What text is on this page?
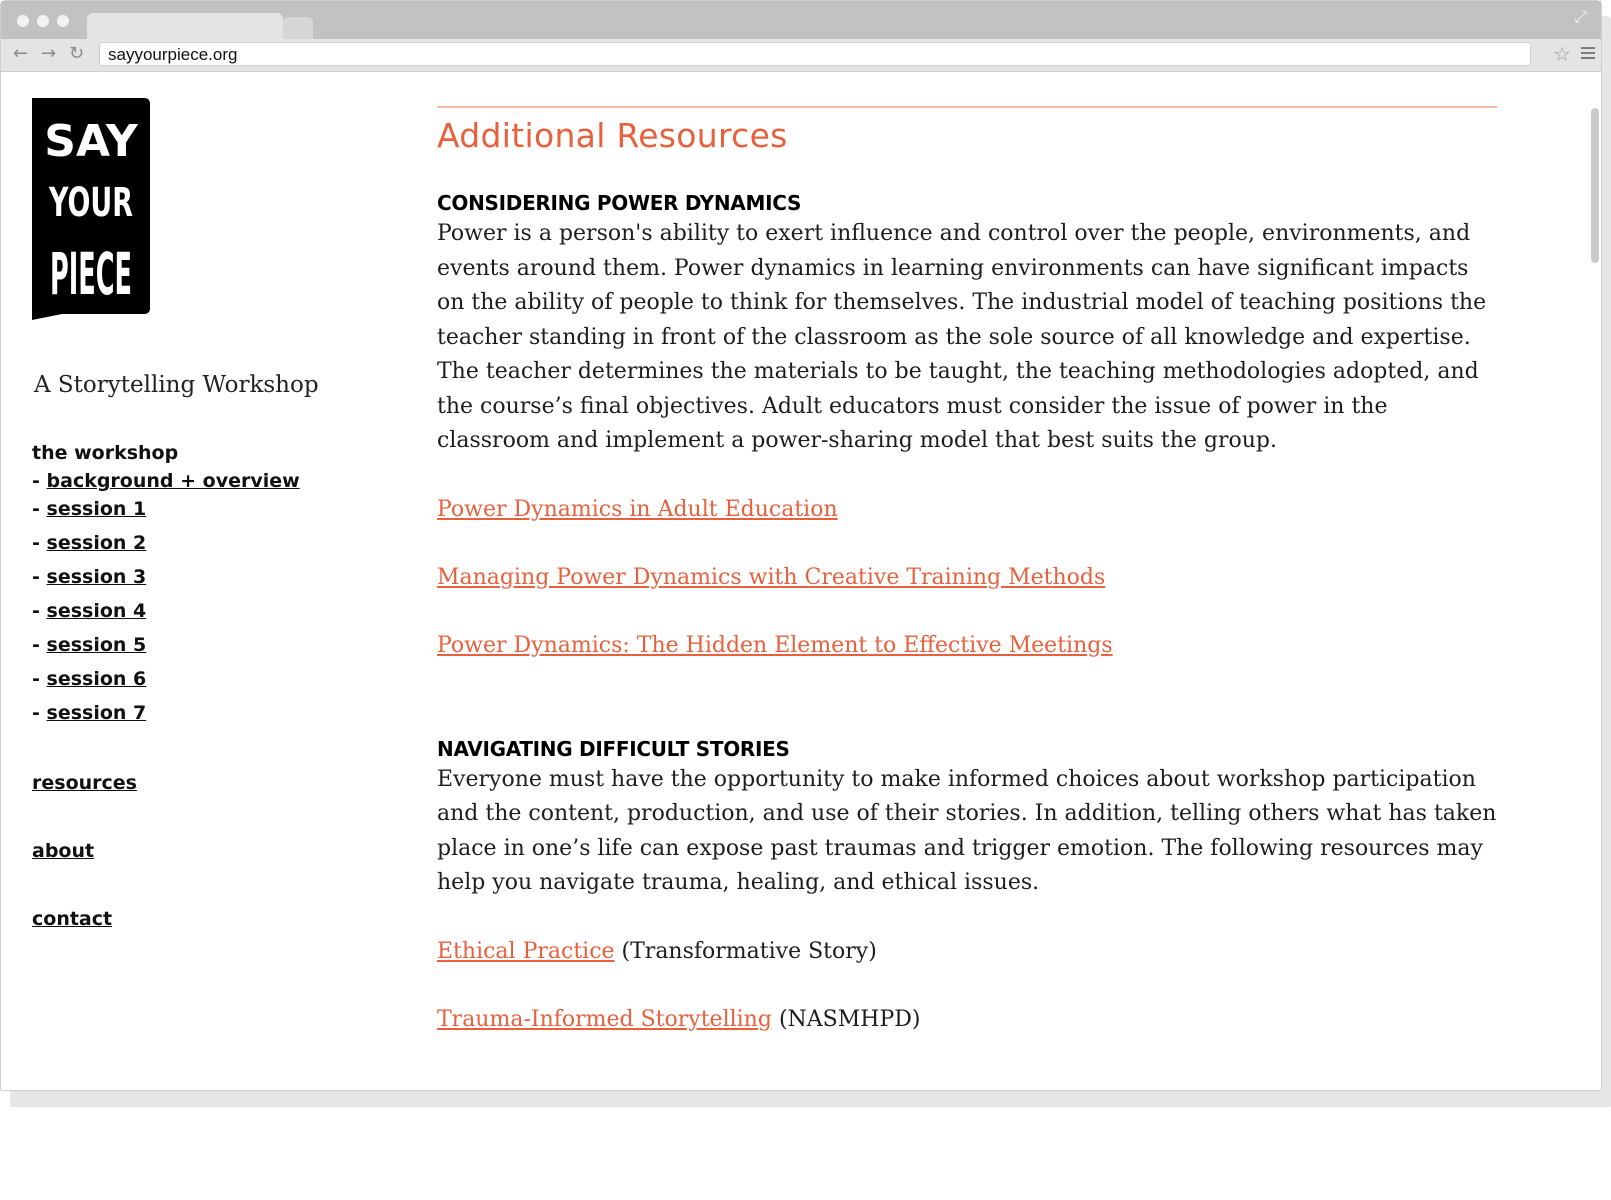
⤢
← → ↻	sayyourpiece.org	☆
SAY
YOUR
PIECE
A Storytelling Workshop
the workshop
- background + overview
- session 1
- session 2
- session 3
- session 4
- session 5
- session 6
- session 7
resources
about
contact
Additional Resources
CONSIDERING POWER DYNAMICS

Power is a person's ability to exert influence and control over the people, environments, and events around them. Power dynamics in learning environments can have significant impacts on the ability of people to think for themselves. The industrial model of teaching positions the teacher standing in front of the classroom as the sole source of all knowledge and expertise. The teacher determines the materials to be taught, the teaching methodologies adopted, and the course’s final objectives. Adult educators must consider the issue of power in the classroom and implement a power-sharing model that best suits the group.

Power Dynamics in Adult Education
Managing Power Dynamics with Creative Training Methods
Power Dynamics: The Hidden Element to Effective Meetings
NAVIGATING DIFFICULT STORIES

Everyone must have the opportunity to make informed choices about workshop participation and the content, production, and use of their stories. In addition, telling others what has taken place in one’s life can expose past traumas and trigger emotion. The following resources may help you navigate trauma, healing, and ethical issues.

Ethical Practice (Transformative Story)
Trauma-Informed Storytelling (NASMHPD)
